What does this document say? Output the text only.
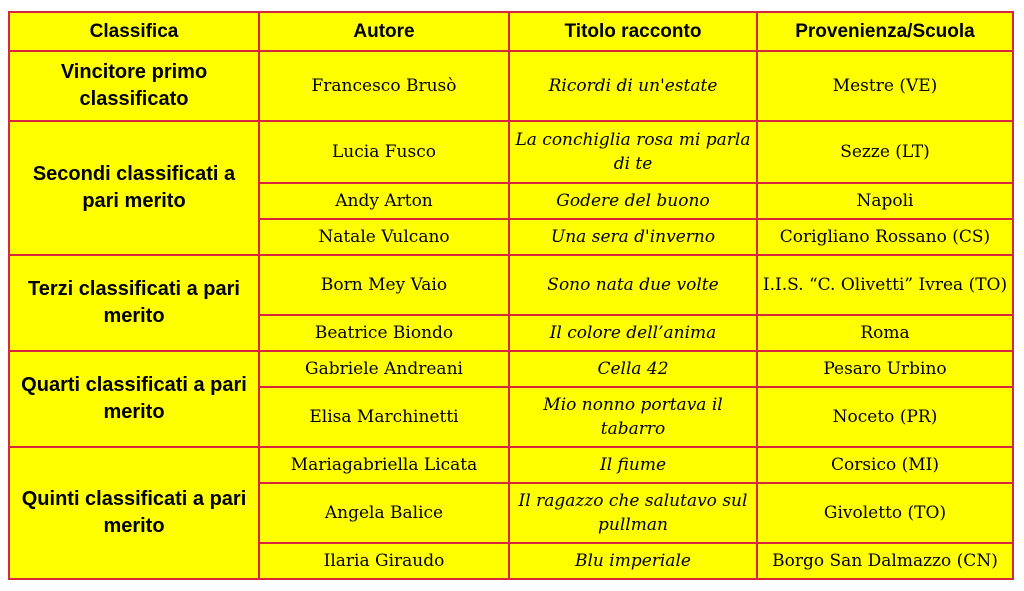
Classifica	Autore	Titolo racconto	Provenienza/Scuola
Vincitore primo classificato	Francesco Brusò	Ricordi di un'estate	Mestre (VE)
Secondi classificati a pari merito	Lucia Fusco	La conchiglia rosa mi parla di te	Sezze (LT)
	Andy Arton	Godere del buono	Napoli
	Natale Vulcano	Una sera d'inverno	Corigliano Rossano (CS)
Terzi classificati a pari merito	Born Mey Vaio	Sono nata due volte	I.I.S. “C. Olivetti” Ivrea (TO)
	Beatrice Biondo	Il colore dell’anima	Roma
Quarti classificati a pari merito	Gabriele Andreani	Cella 42	Pesaro Urbino
	Elisa Marchinetti	Mio nonno portava il tabarro	Noceto (PR)
Quinti classificati a pari merito	Mariagabriella Licata	Il fiume	Corsico (MI)
	Angela Balice	Il ragazzo che salutavo sul pullman	Givoletto (TO)
	Ilaria Giraudo	Blu imperiale	Borgo San Dalmazzo (CN)
